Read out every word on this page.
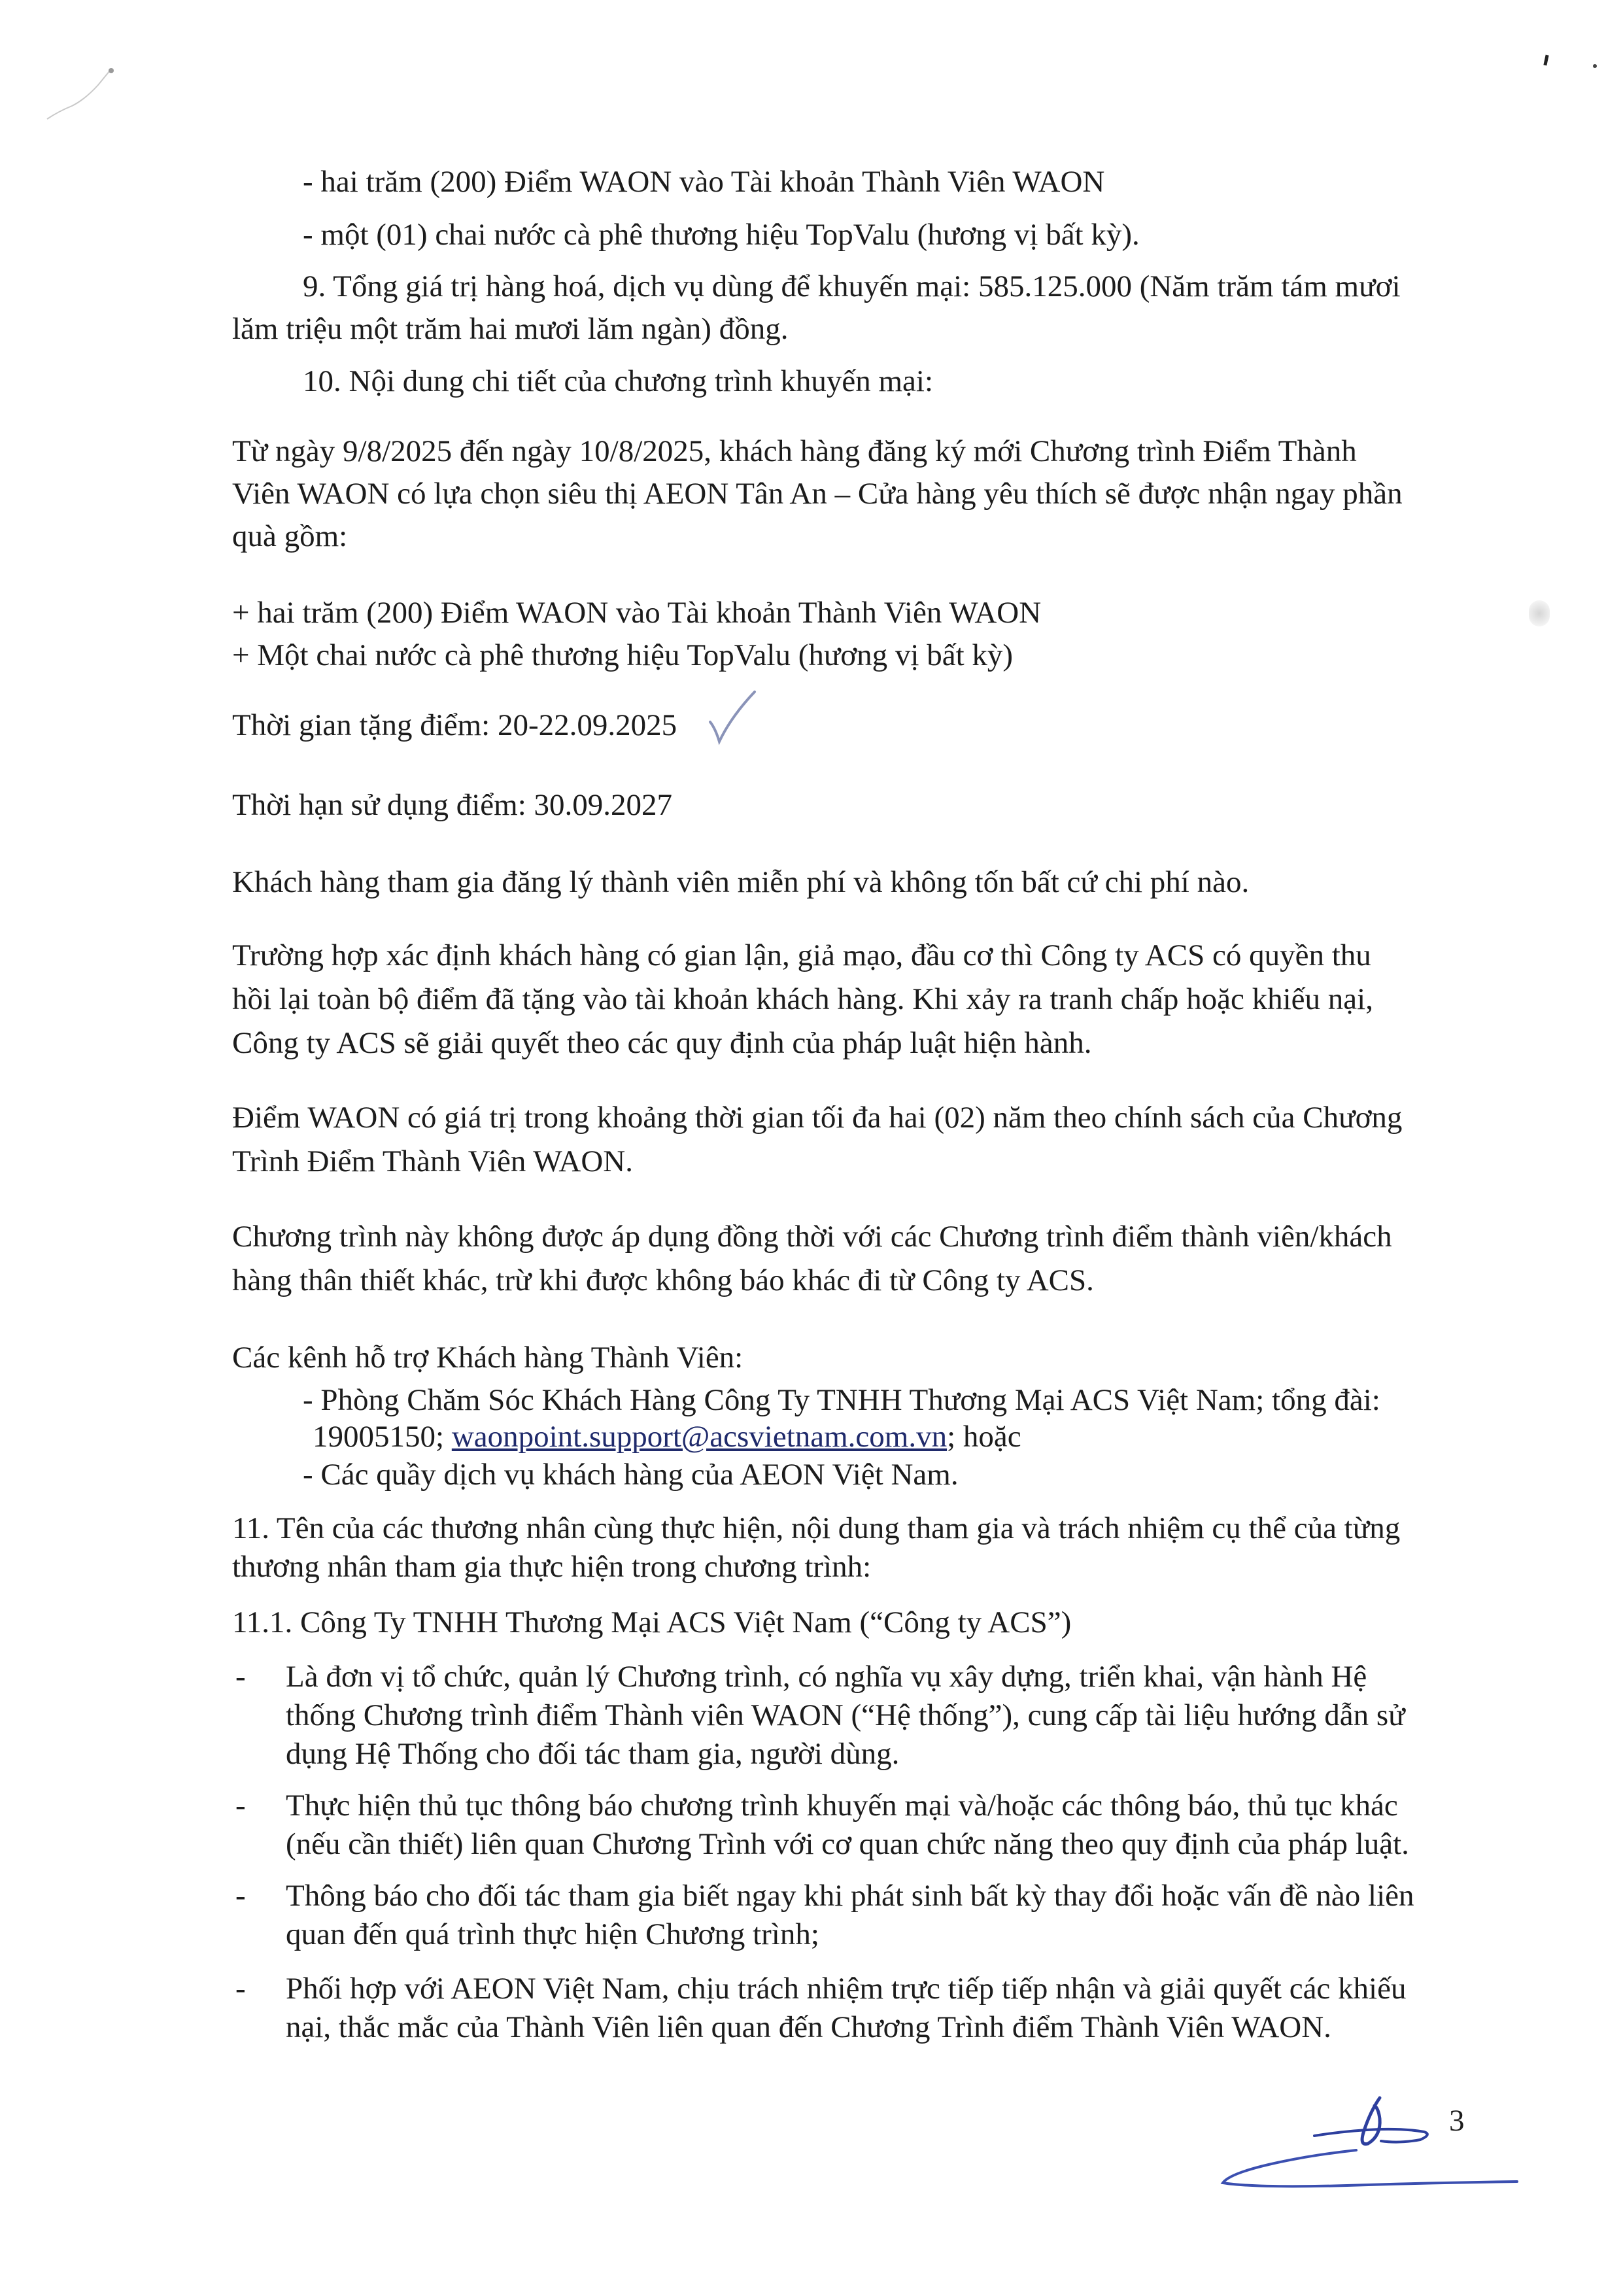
- hai trăm (200) Điểm WAON vào Tài khoản Thành Viên WAON
- một (01) chai nước cà phê thương hiệu TopValu (hương vị bất kỳ).
9. Tổng giá trị hàng hoá, dịch vụ dùng để khuyến mại: 585.125.000 (Năm trăm tám mươi
lăm triệu một trăm hai mươi lăm ngàn) đồng.
10. Nội dung chi tiết của chương trình khuyến mại:
Từ ngày 9/8/2025 đến ngày 10/8/2025, khách hàng đăng ký mới Chương trình Điểm Thành
Viên WAON có lựa chọn siêu thị AEON Tân An – Cửa hàng yêu thích sẽ được nhận ngay phần
quà gồm:
+ hai trăm (200) Điểm WAON vào Tài khoản Thành Viên WAON
+ Một chai nước cà phê thương hiệu TopValu (hương vị bất kỳ)
Thời gian tặng điểm: 20-22.09.2025
Thời hạn sử dụng điểm: 30.09.2027
Khách hàng tham gia đăng lý thành viên miễn phí và không tốn bất cứ chi phí nào.
Trường hợp xác định khách hàng có gian lận, giả mạo, đầu cơ thì Công ty ACS có quyền thu
hồi lại toàn bộ điểm đã tặng vào tài khoản khách hàng. Khi xảy ra tranh chấp hoặc khiếu nại,
Công ty ACS sẽ giải quyết theo các quy định của pháp luật hiện hành.
Điểm WAON có giá trị trong khoảng thời gian tối đa hai (02) năm theo chính sách của Chương
Trình Điểm Thành Viên WAON.
Chương trình này không được áp dụng đồng thời với các Chương trình điểm thành viên/khách
hàng thân thiết khác, trừ khi được không báo khác đi từ Công ty ACS.
Các kênh hỗ trợ Khách hàng Thành Viên:
- Phòng Chăm Sóc Khách Hàng Công Ty TNHH Thương Mại ACS Việt Nam; tổng đài:
19005150; waonpoint.support@acsvietnam.com.vn; hoặc
- Các quầy dịch vụ khách hàng của AEON Việt Nam.
11. Tên của các thương nhân cùng thực hiện, nội dung tham gia và trách nhiệm cụ thể của từng
thương nhân tham gia thực hiện trong chương trình:
11.1. Công Ty TNHH Thương Mại ACS Việt Nam (“Công ty ACS”)
- Là đơn vị tổ chức, quản lý Chương trình, có nghĩa vụ xây dựng, triển khai, vận hành Hệ
thống Chương trình điểm Thành viên WAON (“Hệ thống”), cung cấp tài liệu hướng dẫn sử
dụng Hệ Thống cho đối tác tham gia, người dùng.
- Thực hiện thủ tục thông báo chương trình khuyến mại và/hoặc các thông báo, thủ tục khác
(nếu cần thiết) liên quan Chương Trình với cơ quan chức năng theo quy định của pháp luật.
- Thông báo cho đối tác tham gia biết ngay khi phát sinh bất kỳ thay đổi hoặc vấn đề nào liên
quan đến quá trình thực hiện Chương trình;
- Phối hợp với AEON Việt Nam, chịu trách nhiệm trực tiếp tiếp nhận và giải quyết các khiếu
nại, thắc mắc của Thành Viên liên quan đến Chương Trình điểm Thành Viên WAON.
3
